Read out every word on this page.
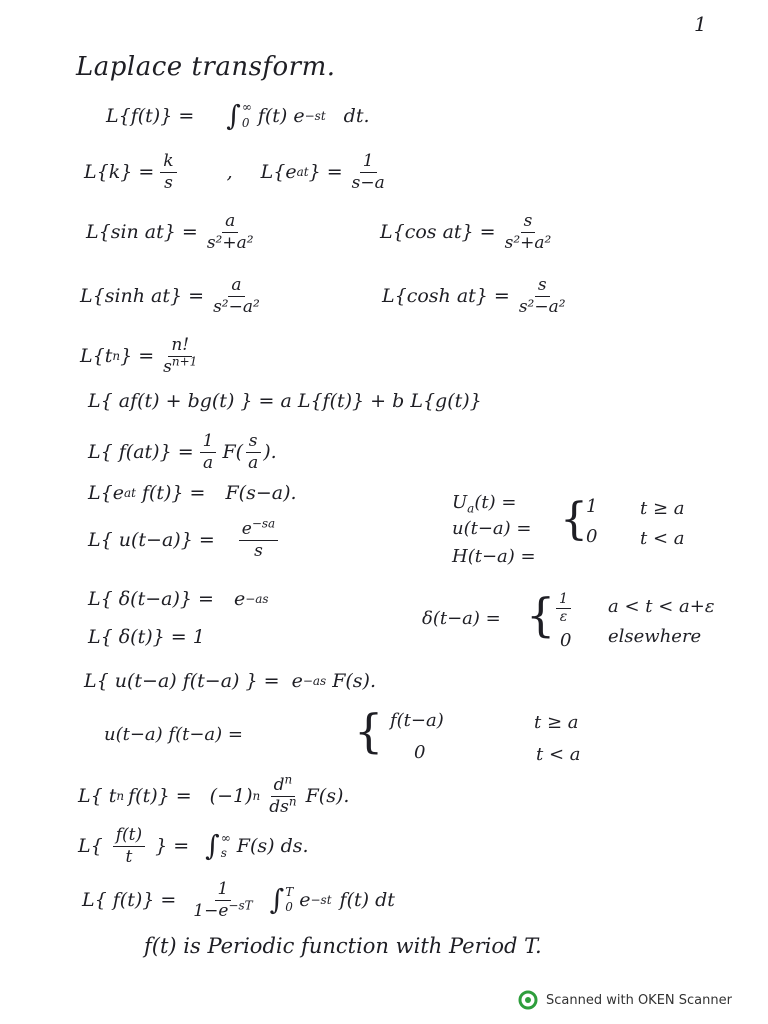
1
Laplace transform.
L{f(t)} = ∫ ∞
0 f(t) e −st dt.
$L\{k\} = \frac{k}{s}$	, L{e at } = $\frac{1}{s-a}$
L{sin $at\} = \frac{a}{\text{s²+a²}}$	L{cos $at\} = \frac{s}{\text{s²+a²}}$
L{sinh $at\} = \frac{a}{\text{s²−a²}}$	L{cosh $at\} = \frac{s}{\text{s²−a²}}$
L{t n } = $\frac{n!}{s^{n+1}}$
L{ af(t) + bg(t) } = a L{f(t)} + b L{g(t)}
L{ $f(at)\} = \frac{1}{a} F( \frac{s}{a}$ ).
L{e at f(t)} = F(s−a).
L{ $u(t-a)\} = \frac{e^{-sa}}{s}$
$U_a(t)$ =
u(t−a) =
H(t−a) =
{
1 t ≥ a
0 t < a
L{ δ(t−a)} = e −as
L{ δ(t)} = 1
δ(t−a) = { $\frac{1}{\varepsilon}$ a < t < a+ε
0 elsewhere
L{ u(t−a) f(t−a) } = e −as F(s).
u(t−a) f(t−a) = { f(t−a)	t ≥ a
0	t < a
L{ t n f(t)} = (−1) n $\frac{d^n}{ds^n} F(s)$.
$L\{ \frac{f(t)}{t}$ } = ∫ ∞
s F(s) ds.
L{ $f(t)\} = \frac{1}{1-e^{-sT}}$ ∫ T
0 e −st f(t) dt
f(t) is Periodic function with Period T.
Scanned with OKEN Scanner
